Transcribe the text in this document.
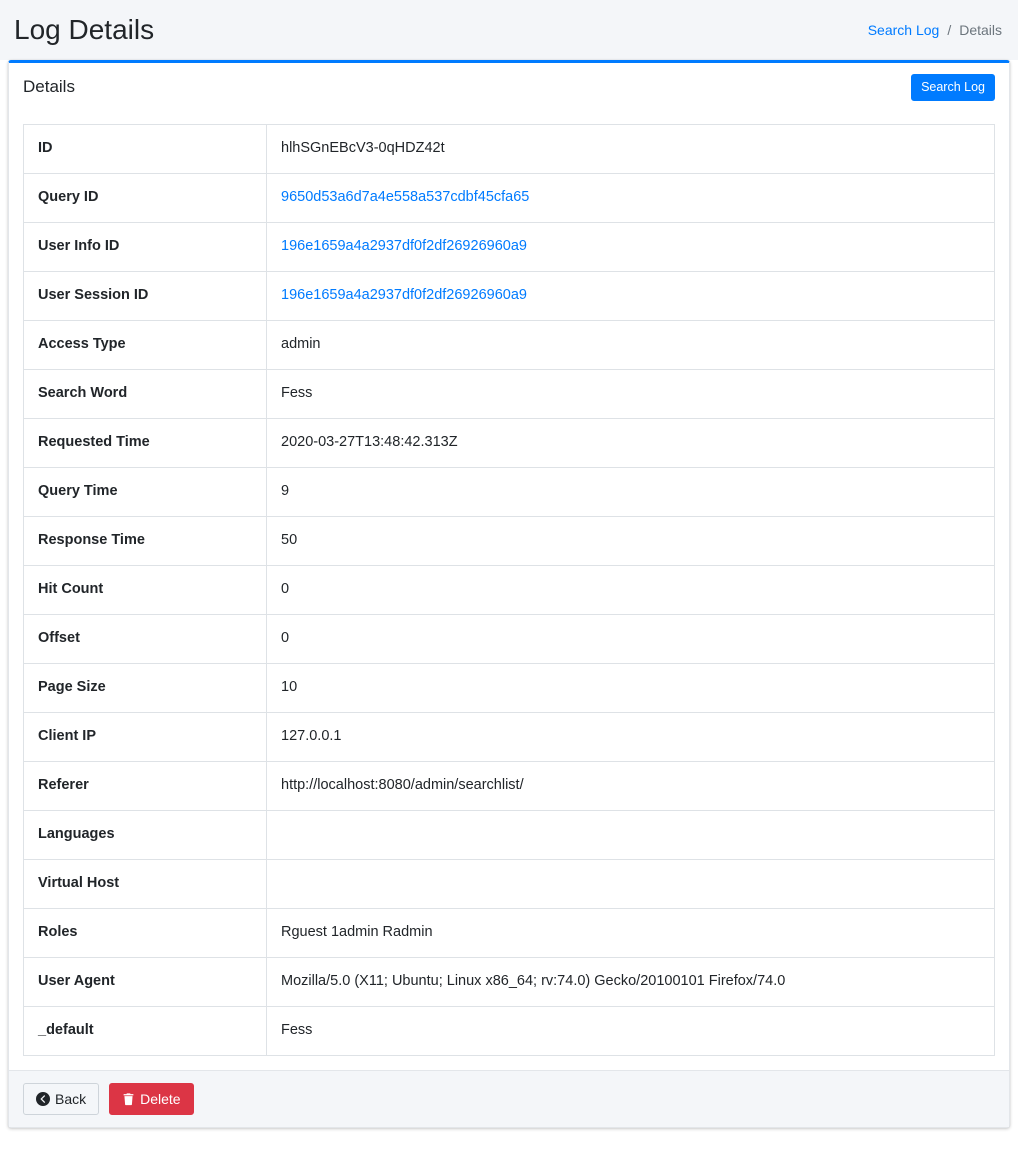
Log Details	Search Log / Details
Details	Search Log
ID	hlhSGnEBcV3-0qHDZ42t
Query ID	9650d53a6d7a4e558a537cdbf45cfa65
User Info ID	196e1659a4a2937df0f2df26926960a9
User Session ID	196e1659a4a2937df0f2df26926960a9
Access Type	admin
Search Word	Fess
Requested Time	2020-03-27T13:48:42.313Z
Query Time	9
Response Time	50
Hit Count	0
Offset	0
Page Size	10
Client IP	127.0.0.1
Referer	http://localhost:8080/admin/searchlist/
Languages	
Virtual Host	
Roles	Rguest 1admin Radmin
User Agent	Mozilla/5.0 (X11; Ubuntu; Linux x86_64; rv:74.0) Gecko/20100101 Firefox/74.0
_default	Fess
Back	Delete
